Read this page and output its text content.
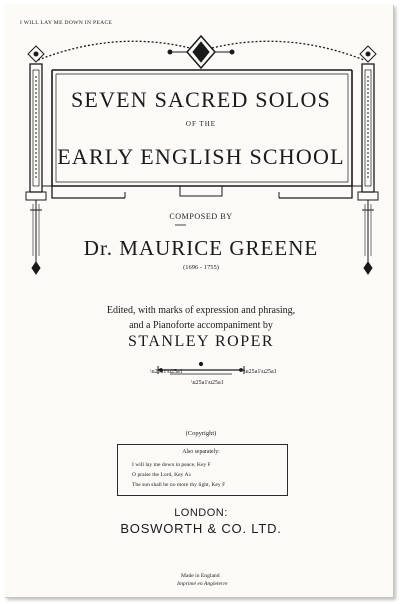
\u25a1\u25a1	\u25a1\u25a1
\u25a1\u25a1
I WILL LAY ME DOWN IN PEACE
SEVEN SACRED SOLOS
OF THE
EARLY ENGLISH SCHOOL
COMPOSED BY
Dr. MAURICE GREENE
(1696 - 1755)
Edited, with marks of expression and phrasing,
and a Pianoforte accompaniment by
STANLEY ROPER
(Copyright)
Also separately:
I will lay me down in peace, Key F
O praise the Lord, Key A♭
The sun shall be no more thy light, Key F
LONDON:
BOSWORTH & CO. LTD.
Made in England
Imprimé en Angleterre
